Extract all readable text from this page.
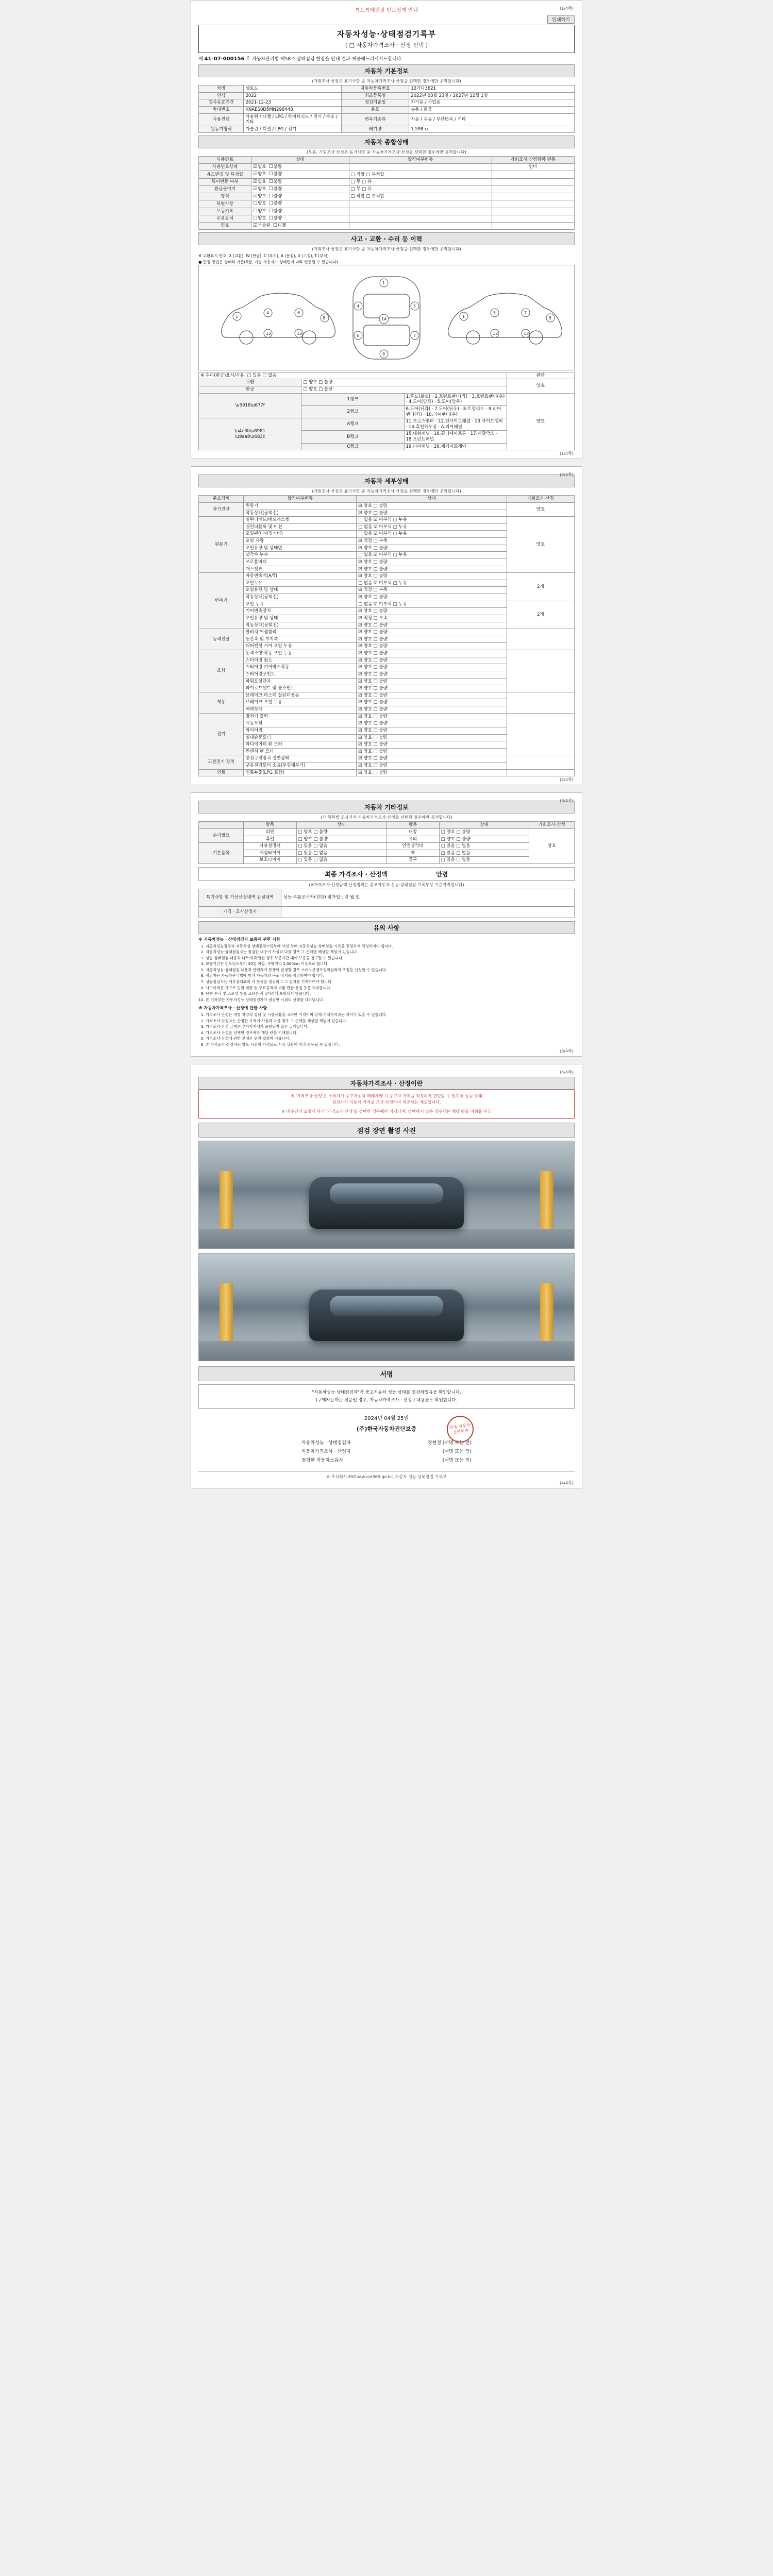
특트특예원장 안보장개 안내
인쇄하기
(1/4쪽)
자동차성능·상태점검기록부
( □ 자동차가격조사 · 산정 선택 )
제 41-07-000156 호 자동차관리법 제58조·상태점검 현장을 안내 결과 제공해드리시서드합니다.
자동차 기본정보
(가회조사·산정은 표기사항 중 자동차가격조사·산정을 선택한 경우에만 공적합니다)
차명	셀로드	자동차등록번호	12가다3621
연식	2022	최초등록일	2022년 03월 23일 / 2027년 12월 1일
검사유효기간	2021-12-23	점검기준일	자가용 / 사업용
차대번호	KNAES0D5MN298448	용도	승용 / 화물
사용연료	가솔린 / 디젤 / LPG / 하이브리드 / 전기 / 수소 / 기타	변속기종류	자동 / 수동 / 무단변속 / 기타
원동기형식	가솔린 / 디젤 / LPG / 전기	배기량	1,598 cc
자동차 종합상태
(부품, 가회조사·산정은 표기사항 중 자동차가격조사·산정을 선택한 경우에만 공적합니다)
사용연료	상태	합격여부변동	가회조사·산정항목 변동
사용연료상태	☑ 양호 ☐ 불량		연비
용도변경 및 특성합	☑ 양호 ☐ 불량	□ 적합 □ 부적합	
특이변동 여부	☑ 양호 ☐ 불량	□ 무 □ 유	
환금들이기	☑ 양호 ☐ 불량	□ 무 □ 유	
형식	☑ 양호 ☐ 불량	□ 적합 □ 부적합	
특별사항	☐ 양호 ☐ 불량		
보동기록	☐ 양호 ☐ 불량		
주요장치	☐ 양호 ☐ 불량		
연료	☑ 가솔린 ☐ 디젤		
사고 · 교환 · 수리 등 이력
(가회조사·산정은 표기사항 중 자동차가격조사·산정을 선택한 경우에만 공적합니다)
※ 교환표시 번호: X (교환), W (판금), C (부식), A (용접), U (고정), T (부식)
● 판정 방법은 상태라 기준(X감, 기능 사용자가 상태면에 따라 변동될 수 있습니다)
1
4	6
8
12	13
1
8
4	5
6	7
14
1
5	7
8
12	13
※ 수리(판금)표시/사용: □ 있음 □ 없음			판단
교환	□ 양호 □ 불량		양호
판금	□ 양호 □ 불량		
\u5916\u677f	1랭크	1.후드(보넷) · 2.프런트펜더(좌) · 3.프런트펜더(우) · 4.도어(앞좌) · 5.도어(앞우)	양호
	2랭크	6.도어(뒤좌) · 7.도어(뒤우) · 8.트렁리드 · 9.리어펜더(좌) · 10.리어펜더(우)	
\u4e3b\u8981
\u9aa8\u683c	A랭크	11.크로스멤버 · 12.인사이드패널 · 13.사이드멤버 · 14.휴얼하우싱 · A.리어패널	
	B랭크	15.대쉬패널 · 16.핀더에이프론 · 17.페달박스 · 18.프런트패널	
	C랭크	19.리어패널 · 20.패키지트레이	
(1/4쪽)
(2/4쪽)
자동차 세부상태
(가회조사·산정은 표기사항 중 자동차가격조사·산정을 선택한 경우에만 공적합니다)
주요장치	합격여부변동	상태	가회조사·산정
자가진단	원동기	☑ 양호 □ 불량	양호
	작동상태(공회전)	☑ 양호 □ 불량	
원동기	실린더헤드/헤드개스켓	□ 없음 ☑ 미부식 □ 누유	양호
	실린더블록 및 미션	□ 없음 ☑ 미부식 □ 누유	
	오일팬(타이밍커버)	□ 없음 ☑ 미부식 □ 누유	
	오일 유량	☑ 적정 □ 부족	
	오일유량 및 상태면	☑ 양호 □ 불량	
	냉각수 누수	□ 없음 ☑ 미부식 □ 누유	
	쓰로틀바디	☑ 양호 □ 불량	
	개스켓류	☑ 양호 □ 불량	
변속기	자동변속기(A/T)	☑ 양호 □ 불량	2개
	오일누유	□ 없음 ☑ 미부식 □ 누유	
	오일유량 및 상태	☑ 적정 □ 부족	
	작동상태(공회전)	☑ 양호 □ 불량	
	오일 누유	□ 없음 ☑ 미부식 □ 누유	2개
	기어변속장치	☑ 양호 □ 불량	
	오일유량 및 상태	☑ 적정 □ 부족	
	작동상태(공회전)	☑ 양호 □ 불량	
동력전달	클러치 어셈블리	☑ 양호 □ 불량	
	등간속 및 추지축	☑ 양호 □ 불량	
	디퍼렌셜 기어 오일 누유	☑ 양호 □ 불량	
조향	동력조향 작동 오일 누유	☑ 양호 □ 불량	
	스티어링 펌프	☑ 양호 □ 불량	
	스티어링 기어박스작동	☑ 양호 □ 불량	
	스티어링조인트	☑ 양호 □ 불량	
	파워오일단자	☑ 양호 □ 불량	
	타이로드엔드 및 볼조인트	☑ 양호 □ 불량	
제동	브레이크 마스터 실린더중동	☑ 양호 □ 불량	
	브레이크 오일 누유	☑ 양호 □ 불량	
	배력상태	☑ 양호 □ 불량	
전기	발전기 출력	☑ 양호 □ 불량	
	시동모터	☑ 양호 □ 불량	
	와이어링	☑ 양호 □ 불량	
	실내송풍모터	☑ 양호 □ 불량	
	라디에이터 팬 모터	☑ 양호 □ 불량	
	컨덴서 팬 모터	☑ 양호 □ 불량	
고전전기 장치	충전구전장치 절연상태	☑ 양호 □ 불량	
	구동전기모터 소음(무상태부가)	☑ 양호 □ 불량	
연료	연료누출(LPG 포함)	☑ 양호 □ 불량	
(2/4쪽)
(3/4쪽)
자동차 기타정보
(각 항목별 조사가자·자동차가격조사·산정을 선택한 경우에만 공적합니다)
	항목	상태	항목	상태	가회조사·산정
수리필요	외판	□ 양호 □ 불량	내장	□ 양호 □ 불량	양호
	휴얼	□ 양호 □ 불량	유리	□ 양호 □ 불량	
기본품목	사용설명서	□ 있음 □ 없음	안전삼각대	□ 있음 □ 없음	
	재생타이어	□ 있음 □ 없음	잭	□ 있음 □ 없음	
	보조타이어	□ 있음 □ 없음	공구	□ 있음 □ 없음	
최종 가격조사 · 산정액	안령
(※가격조사·산정금액 산정범위는 중고자동차 성능·상태점검 기록부상 기준가격입니다)
특기사항 및 가산산정내역 감점내역	성능·부품조사자(진단) 평가일 : 년 월 일
가격 · 조사산정자	
유의 사항
※ 자동차성능 · 상태점검자 보증에 관한 사항
1. 자동차성능점검자 자동차성·상태점검기록부에 사실 상태 자동차성능·상태점검 기록을 전정하게 작성하여야 합니다.
2. 자동차성능·상태점검자는 점검한 내용이 사실과 다를 경우 그 손해를 배상할 책임이 있습니다.
3. 성능·상태점검 내용과 다르게 확인된 경우 보증기간 내에 보증을 청구할 수 있습니다.
4. 보증기간은 인도일로부터 30일 이상, 주행거리 2,000km 이상으로 합니다.
5. 자동차성능·상태점검 내용과 관련하여 분쟁이 발생할 경우 소비자분쟁조정위원회에 조정을 신청할 수 있습니다.
6. 점검자는 자동차관리법에 따라 자동차의 구조·장치를 점검하여야 합니다.
7. 성능점검자는 세부상태표의 각 항목을 점검하고 그 결과를 기재하여야 합니다.
8. 사고이력은 사고로 인한 외판 및 주요골격의 교환·판금·용접 등을 의미합니다.
9. 단순 수리 및 소모성 부품 교환은 사고이력에 포함되지 않습니다.
10. 본 기록부는 자동차성능·상태점검자가 점검한 시점의 상태를 나타냅니다.
※ 자동차가격조사 · 산정에 관한 사항
1. 가격조사·산정은 개별 차양의 상태 및 시장상황을 고려한 가격이며 실제 거래가격과는 차이가 있을 수 있습니다.
2. 가격조사·산정자는 산정한 가격이 사실과 다를 경우 그 손해를 배상할 책임이 있습니다.
3. 가격조사·산정 금액은 부가가치세가 포함되지 않은 금액입니다.
4. 가격조사·산정을 선택한 경우에만 해당 란을 기재합니다.
5. 가격조사·산정에 관한 분쟁은 관련 법령에 따릅니다.
6. 본 가격조사·산정서는 양도 시점의 가격으로 시장 상황에 따라 변동될 수 있습니다.
(3/4쪽)
(4/4쪽)
자동차가격조사 · 산정이란
※ '가격조사·산정'은 소비자가 중고자동차 매매계약 시 중고차 가격을 적정하게 판단할 수 있도록 성능·상태
점검자가 자동차 가격을 조사·산정하여 제공하는 제도입니다.
※ 매수인의 요청에 따라 '가격조사·산정'을 선택한 경우에만 기재되며, 선택하지 않은 경우에는 해당 란을 비워둡니다.
점검 장면 촬영 사진
서명
"자동차성능·상태점검자"가 중고자동차 성능·상태를 점검하였음을 확인합니다.
(구매자는자는 전문인 경우, 자동차가격조사 · 산정 ) 내용을도 확인합니다.
2024년 04월 25일
(주)한국자동차진단보증
자동차성능 · 상태점검자	정현정 (서명 또는 인)
자동차가격조사 · 산정자	(서명 또는 인)
점검한 자동차소유자	(서명 또는 인)
한국 자동차 진단보증
※ 주식회사 KSCnew.car365.go.kr) 자동차 성능·상태점검 기록부
(4/4쪽)
